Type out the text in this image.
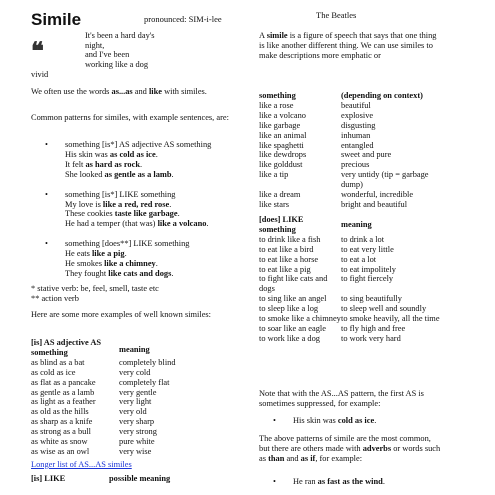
Simile	pronounced: SIM-i-lee
❝
It's been a hard day's
night,
and I've been
working like a dog
vivid

We often use the words as...as and like with similes.

Common patterns for similes, with example sentences, are:

• something [is*] AS adjective AS something
His skin was as cold as ice.
It felt as hard as rock.
She looked as gentle as a lamb.
• something [is*] LIKE something
My love is like a red, red rose.
These cookies taste like garbage.
He had a temper (that was) like a volcano.
• something [does**] LIKE something
He eats like a pig.
He smokes like a chimney.
They fought like cats and dogs.
* stative verb: be, feel, smell, taste etc
** action verb

Here are some more examples of well known similes:

[is] AS adjective AS something	meaning
as blind as a bat	completely blind
as cold as ice	very cold
as flat as a pancake	completely flat
as gentle as a lamb	very gentle
as light as a feather	very light
as old as the hills	very old
as sharp as a knife	very sharp
as strong as a bull	very strong
as white as snow	pure white
as wise as an owl	very wise
Longer list of AS...AS similes
[is] LIKE	possible meaning
The Beatles

A simile is a figure of speech that says that one thing is like another different thing. We can use similes to make descriptions more emphatic or

something	(depending on context)
like a rose	beautiful
like a volcano	explosive
like garbage	disgusting
like an animal	inhuman
like spaghetti	entangled
like dewdrops	sweet and pure
like golddust	precious
like a tip	very untidy (tip = garbage dump)
like a dream	wonderful, incredible
like stars	bright and beautiful
[does] LIKE something	meaning
to drink like a fish	to drink a lot
to eat like a bird	to eat very little
to eat like a horse	to eat a lot
to eat like a pig	to eat impolitely
to fight like cats and dogs	to fight fiercely
to sing like an angel	to sing beautifully
to sleep like a log	to sleep well and soundly
to smoke like a chimney	to smoke heavily, all the time
to soar like an eagle	to fly high and free
to work like a dog	to work very hard

Note that with the AS...AS pattern, the first AS is sometimes suppressed, for example:

• His skin was cold as ice.

The above patterns of simile are the most common, but there are others made with adverbs or words such as than and as if, for example:

• He ran as fast as the wind.
